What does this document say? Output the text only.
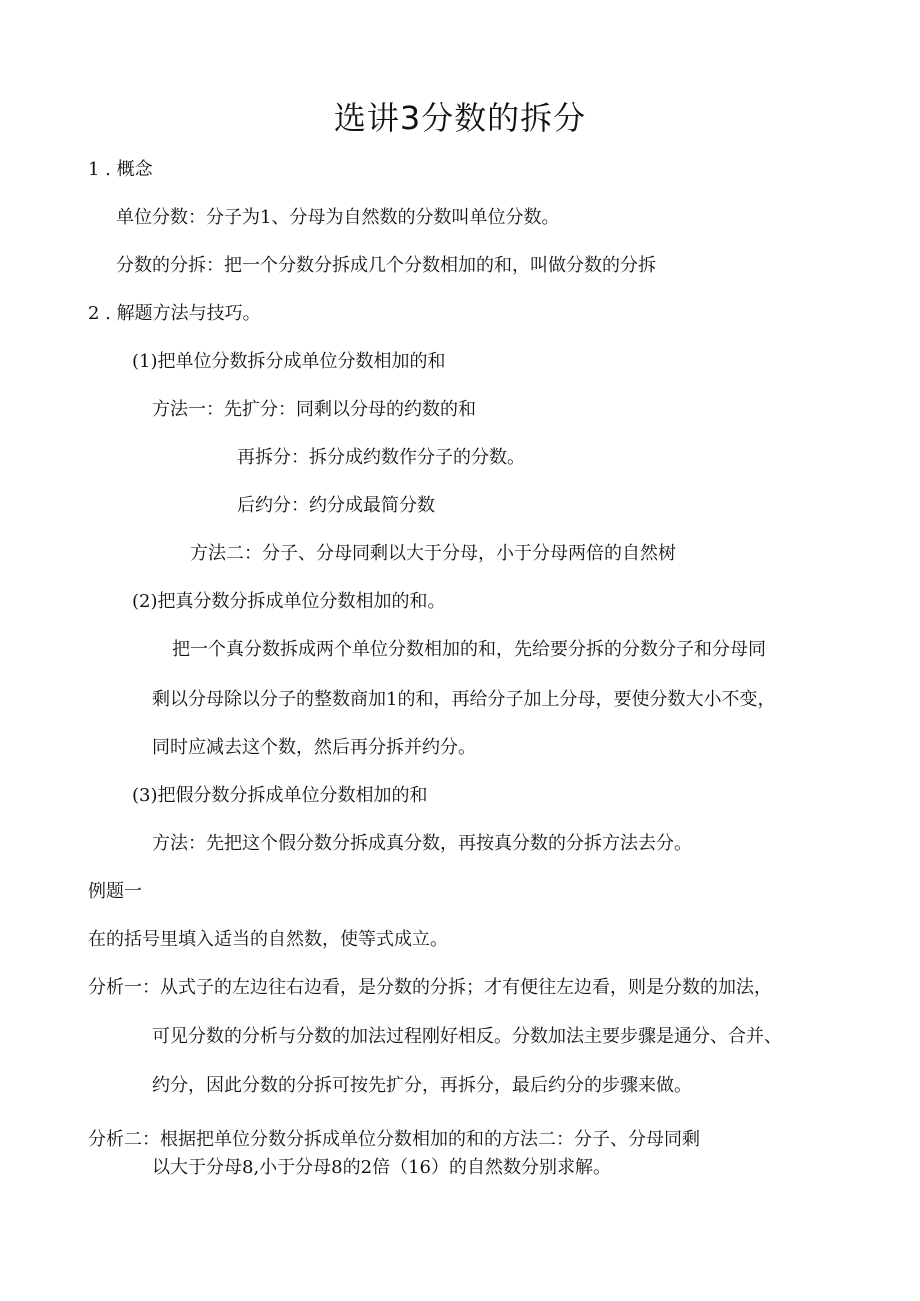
选讲3分数的拆分
1 . 概念
单位分数：分子为1、分母为自然数的分数叫单位分数。
分数的分拆：把一个分数分拆成几个分数相加的和，叫做分数的分拆
2 . 解题方法与技巧。
(1)把单位分数拆分成单位分数相加的和
方法一：先扩分：同剩以分母的约数的和
再拆分：拆分成约数作分子的分数。
后约分：约分成最简分数
方法二：分子、分母同剩以大于分母，小于分母两倍的自然树
(2)把真分数分拆成单位分数相加的和。
把一个真分数拆成两个单位分数相加的和，先给要分拆的分数分子和分母同
剩以分母除以分子的整数商加1的和，再给分子加上分母，要使分数大小不变，
同时应减去这个数，然后再分拆并约分。
(3)把假分数分拆成单位分数相加的和
方法：先把这个假分数分拆成真分数，再按真分数的分拆方法去分。
例题一
在的括号里填入适当的自然数，使等式成立。
分析一：从式子的左边往右边看，是分数的分拆；才有便往左边看，则是分数的加法，
可见分数的分析与分数的加法过程刚好相反。分数加法主要步骤是通分、合并、
约分，因此分数的分拆可按先扩分，再拆分，最后约分的步骤来做。
分析二：根据把单位分数分拆成单位分数相加的和的方法二：分子、分母同剩
以大于分母8,小于分母8的2倍（16）的自然数分别求解。
